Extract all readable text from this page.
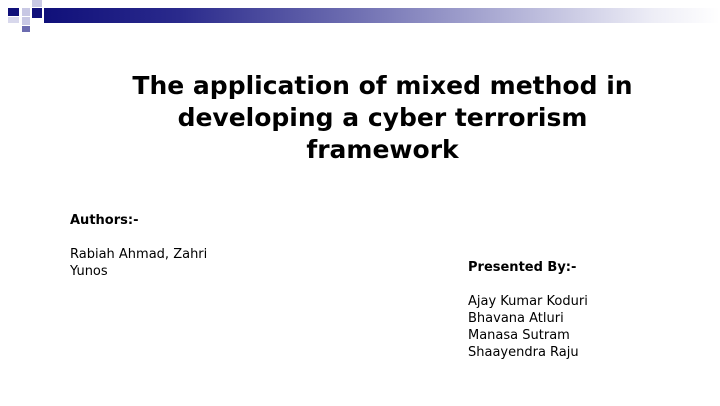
The application of mixed method in developing a cyber terrorism framework
Authors:-
Rabiah Ahmad, Zahri Yunos	Presented By:-
Ajay Kumar Koduri
Bhavana Atluri
Manasa Sutram
Shaayendra Raju
